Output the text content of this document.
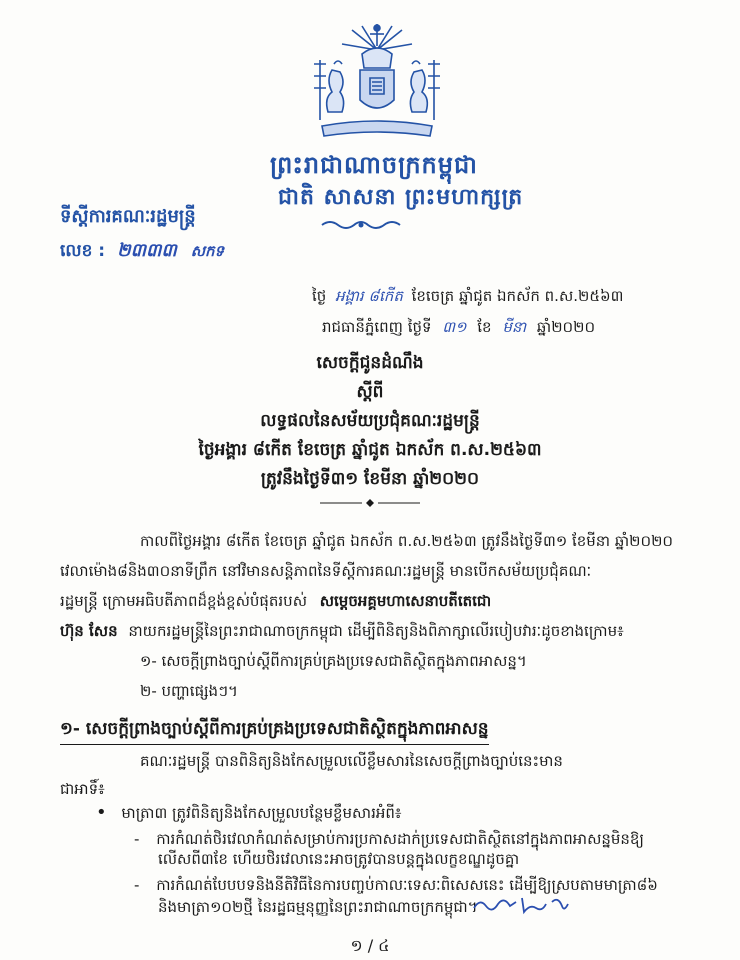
ព្រះរាជាណាចក្រកម្ពុជា
ជាតិ សាសនា ព្រះមហាក្សត្រ
ទីស្តីការគណៈរដ្ឋមន្ត្រី
លេខ : ២៣៣៣ សកទ
ថ្ងៃ អង្គារ ៨កើត ខែចេត្រ ឆ្នាំជូត ឯកស័ក ព.ស.២៥៦៣
រាជធានីភ្នំពេញ ថ្ងៃទី ៣១ ខែ មីនា ឆ្នាំ២០២០
សេចក្តីជូនដំណឹង
ស្តីពី
លទ្ធផលនៃសម័យប្រជុំគណៈរដ្ឋមន្ត្រី
ថ្ងៃអង្គារ ៨កើត ខែចេត្រ ឆ្នាំជូត ឯកស័ក ព.ស.២៥៦៣
ត្រូវនឹងថ្ងៃទី៣១ ខែមីនា ឆ្នាំ២០២០
កាលពីថ្ងៃអង្គារ ៨កើត ខែចេត្រ ឆ្នាំជូត ឯកស័ក ព.ស.២៥៦៣ ត្រូវនឹងថ្ងៃទី៣១ ខែមីនា ឆ្នាំ២០២០
វេលាម៉ោង៨និង៣០នាទីព្រឹក នៅវិមានសន្តិភាពនៃទីស្តីការគណៈរដ្ឋមន្ត្រី មានបើកសម័យប្រជុំគណៈ
រដ្ឋមន្ត្រី ក្រោមអធិបតីភាពដ៏ខ្ពង់ខ្ពស់បំផុតរបស់ សម្តេចអគ្គមហាសេនាបតីតេជោ
ហ៊ុន សែន នាយករដ្ឋមន្ត្រីនៃព្រះរាជាណាចក្រកម្ពុជា ដើម្បីពិនិត្យនិងពិភាក្សាលើរបៀបវារៈដូចខាងក្រោម៖
១- សេចក្តីព្រាងច្បាប់ស្តីពីការគ្រប់គ្រងប្រទេសជាតិស្ថិតក្នុងភាពអាសន្ន។
២- បញ្ហាផ្សេងៗ។
១- សេចក្តីព្រាងច្បាប់ស្តីពីការគ្រប់គ្រងប្រទេសជាតិស្ថិតក្នុងភាពអាសន្ន
គណៈរដ្ឋមន្ត្រី បានពិនិត្យនិងកែសម្រួលលើខ្លឹមសារនៃសេចក្តីព្រាងច្បាប់នេះមាន
ជាអាទិ៍៖
• មាត្រា៣ ត្រូវពិនិត្យនិងកែសម្រួលបន្ថែមខ្លឹមសារអំពី៖
- ការកំណត់ថិរវេលាកំណត់សម្រាប់ការប្រកាសដាក់ប្រទេសជាតិស្ថិតនៅក្នុងភាពអាសន្នមិនឱ្យ
លើសពី៣ខែ ហើយថិរវេលានេះអាចត្រូវបានបន្តក្នុងលក្ខខណ្ឌដូចគ្នា
- ការកំណត់បែបបទនិងនីតិវិធីនៃការបញ្ចប់កាលៈទេសៈពិសេសនេះ ដើម្បីឱ្យស្របតាមមាត្រា៨៦
និងមាត្រា១០២ថ្មី នៃរដ្ឋធម្មនុញ្ញនៃព្រះរាជាណាចក្រកម្ពុជា។
១ / ៤
